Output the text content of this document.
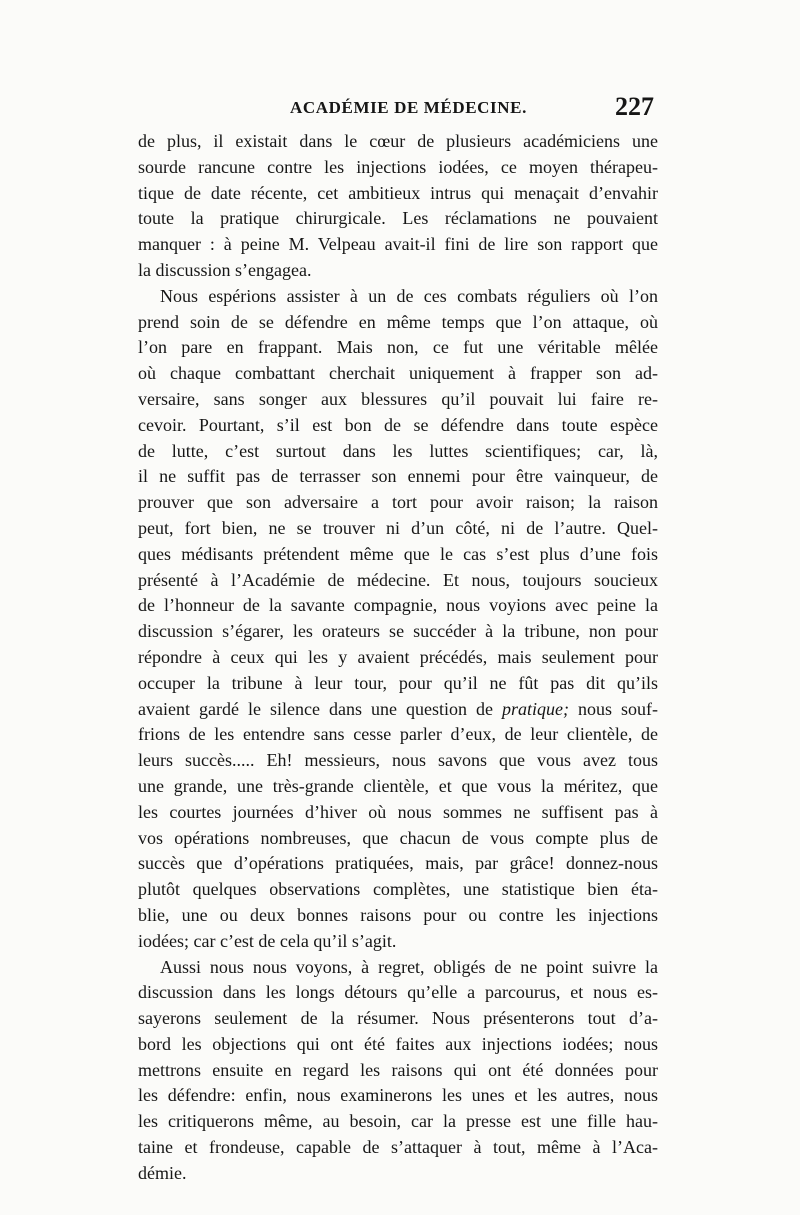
ACADÉMIE DE MÉDECINE.	227
de plus, il existait dans le cœur de plusieurs académiciens une
sourde rancune contre les injections iodées, ce moyen thérapeu-
tique de date récente, cet ambitieux intrus qui menaçait d’envahir
toute la pratique chirurgicale. Les réclamations ne pouvaient
manquer : à peine M. Velpeau avait-il fini de lire son rapport que
la discussion s’engagea.
Nous espérions assister à un de ces combats réguliers où l’on
prend soin de se défendre en même temps que l’on attaque, où
l’on pare en frappant. Mais non, ce fut une véritable mêlée
où chaque combattant cherchait uniquement à frapper son ad-
versaire, sans songer aux blessures qu’il pouvait lui faire re-
cevoir. Pourtant, s’il est bon de se défendre dans toute espèce
de lutte, c’est surtout dans les luttes scientifiques; car, là,
il ne suffit pas de terrasser son ennemi pour être vainqueur, de
prouver que son adversaire a tort pour avoir raison; la raison
peut, fort bien, ne se trouver ni d’un côté, ni de l’autre. Quel-
ques médisants prétendent même que le cas s’est plus d’une fois
présenté à l’Académie de médecine. Et nous, toujours soucieux
de l’honneur de la savante compagnie, nous voyions avec peine la
discussion s’égarer, les orateurs se succéder à la tribune, non pour
répondre à ceux qui les y avaient précédés, mais seulement pour
occuper la tribune à leur tour, pour qu’il ne fût pas dit qu’ils
avaient gardé le silence dans une question de pratique; nous souf-
frions de les entendre sans cesse parler d’eux, de leur clientèle, de
leurs succès..... Eh! messieurs, nous savons que vous avez tous
une grande, une très-grande clientèle, et que vous la méritez, que
les courtes journées d’hiver où nous sommes ne suffisent pas à
vos opérations nombreuses, que chacun de vous compte plus de
succès que d’opérations pratiquées, mais, par grâce! donnez-nous
plutôt quelques observations complètes, une statistique bien éta-
blie, une ou deux bonnes raisons pour ou contre les injections
iodées; car c’est de cela qu’il s’agit.
Aussi nous nous voyons, à regret, obligés de ne point suivre la
discussion dans les longs détours qu’elle a parcourus, et nous es-
sayerons seulement de la résumer. Nous présenterons tout d’a-
bord les objections qui ont été faites aux injections iodées; nous
mettrons ensuite en regard les raisons qui ont été données pour
les défendre: enfin, nous examinerons les unes et les autres, nous
les critiquerons même, au besoin, car la presse est une fille hau-
taine et frondeuse, capable de s’attaquer à tout, même à l’Aca-
démie.
